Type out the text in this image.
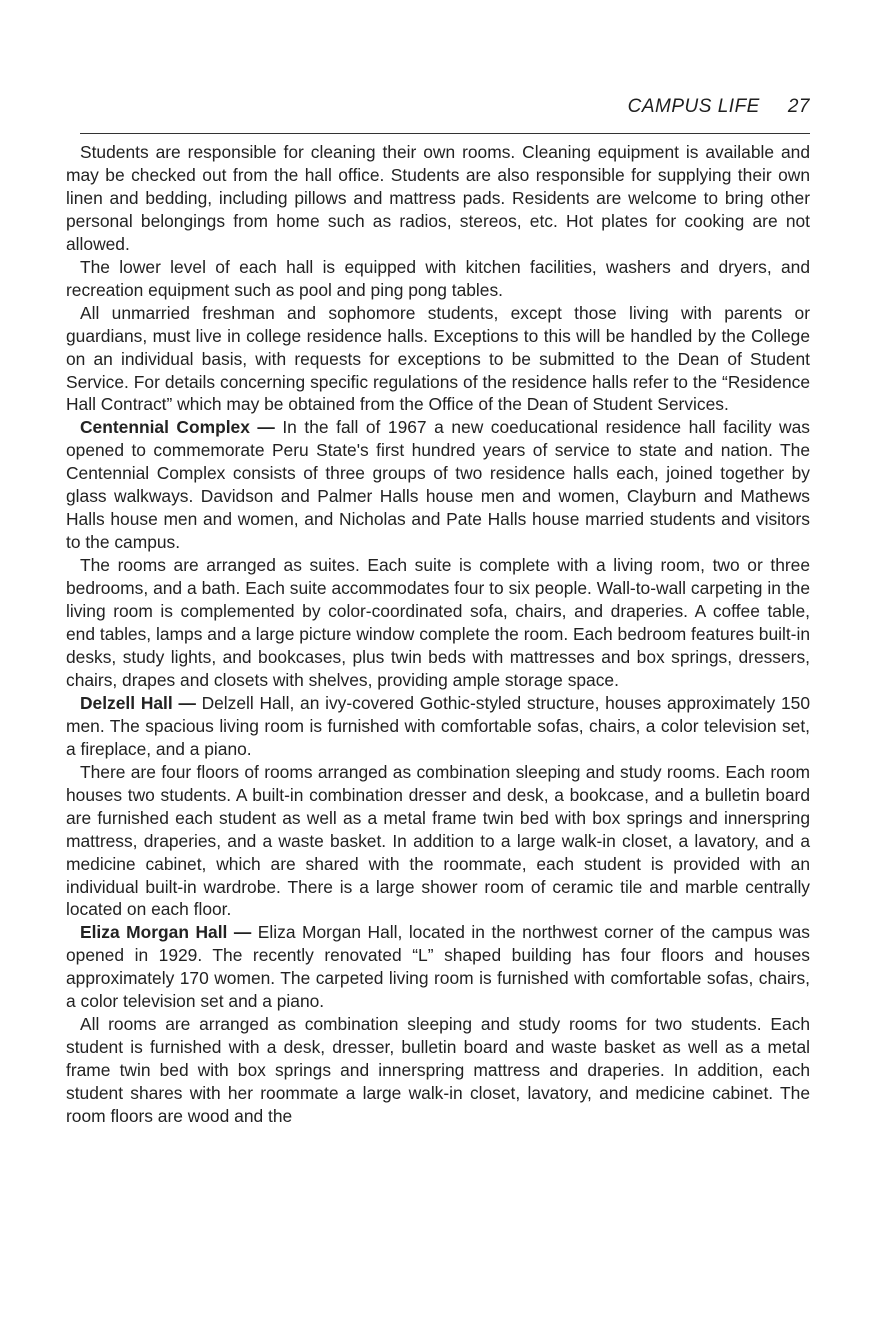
CAMPUS LIFE 27

Students are responsible for cleaning their own rooms. Cleaning equipment is available and may be checked out from the hall office. Students are also responsible for supplying their own linen and bedding, including pillows and mattress pads. Residents are welcome to bring other personal belongings from home such as radios, stereos, etc. Hot plates for cooking are not allowed.

The lower level of each hall is equipped with kitchen facilities, washers and dryers, and recreation equipment such as pool and ping pong tables.

All unmarried freshman and sophomore students, except those living with parents or guardians, must live in college residence halls. Exceptions to this will be handled by the College on an individual basis, with requests for exceptions to be submitted to the Dean of Student Service. For details concerning specific regulations of the residence halls refer to the “Residence Hall Contract” which may be obtained from the Office of the Dean of Student Services.

Centennial Complex — In the fall of 1967 a new coeducational residence hall facility was opened to commemorate Peru State's first hundred years of service to state and nation. The Centennial Complex consists of three groups of two residence halls each, joined together by glass walkways. Davidson and Palmer Halls house men and women, Clayburn and Mathews Halls house men and women, and Nicholas and Pate Halls house married students and visitors to the campus.

The rooms are arranged as suites. Each suite is complete with a living room, two or three bedrooms, and a bath. Each suite accommodates four to six people. Wall-to-wall carpeting in the living room is complemented by color-coordinated sofa, chairs, and draperies. A coffee table, end tables, lamps and a large picture window complete the room. Each bedroom features built-in desks, study lights, and bookcases, plus twin beds with mattresses and box springs, dressers, chairs, drapes and closets with shelves, providing ample storage space.

Delzell Hall — Delzell Hall, an ivy-covered Gothic-styled structure, houses approximately 150 men. The spacious living room is furnished with comfortable sofas, chairs, a color television set, a fireplace, and a piano.

There are four floors of rooms arranged as combination sleeping and study rooms. Each room houses two students. A built-in combination dresser and desk, a bookcase, and a bulletin board are furnished each student as well as a metal frame twin bed with box springs and innerspring mattress, draperies, and a waste basket. In addition to a large walk-in closet, a lavatory, and a medicine cabinet, which are shared with the roommate, each student is provided with an individual built-in wardrobe. There is a large shower room of ceramic tile and marble centrally located on each floor.

Eliza Morgan Hall — Eliza Morgan Hall, located in the northwest corner of the campus was opened in 1929. The recently renovated “L” shaped building has four floors and houses approximately 170 women. The carpeted living room is furnished with comfortable sofas, chairs, a color television set and a piano.

All rooms are arranged as combination sleeping and study rooms for two students. Each student is furnished with a desk, dresser, bulletin board and waste basket as well as a metal frame twin bed with box springs and innerspring mattress and draperies. In addition, each student shares with her roommate a large walk-in closet, lavatory, and medicine cabinet. The room floors are wood and the
